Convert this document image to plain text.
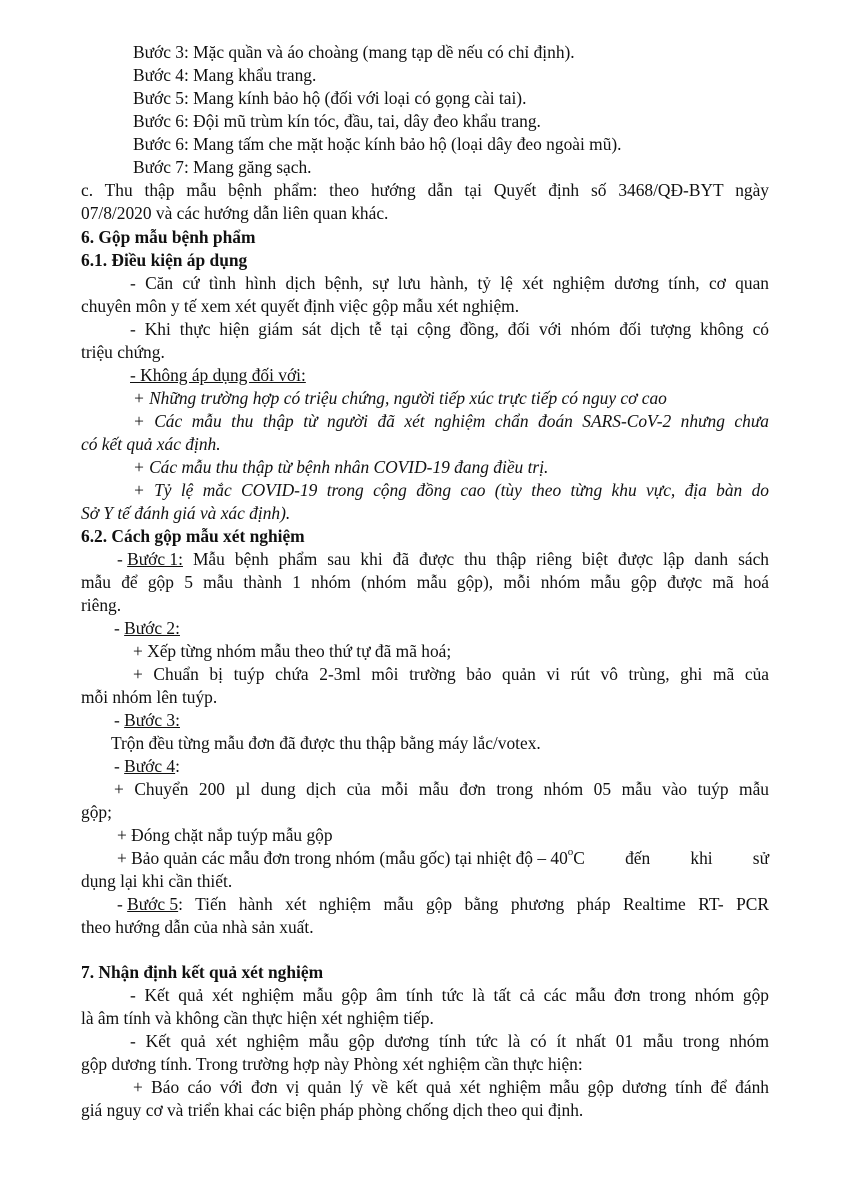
Bước 3: Mặc quần và áo choàng (mang tạp dề nếu có chỉ định).
Bước 4: Mang khẩu trang.
Bước 5: Mang kính bảo hộ (đối với loại có gọng cài tai).
Bước 6: Đội mũ trùm kín tóc, đầu, tai, dây đeo khẩu trang.
Bước 6: Mang tấm che mặt hoặc kính bảo hộ (loại dây đeo ngoài mũ).
Bước 7: Mang găng sạch.
c. Thu thập mẫu bệnh phẩm: theo hướng dẫn tại Quyết định số 3468/QĐ-BYT ngày
07/8/2020 và các hướng dẫn liên quan khác.
6. Gộp mẫu bệnh phẩm
6.1. Điều kiện áp dụng
- Căn cứ tình hình dịch bệnh, sự lưu hành, tỷ lệ xét nghiệm dương tính, cơ quan
chuyên môn y tế xem xét quyết định việc gộp mẫu xét nghiệm.
- Khi thực hiện giám sát dịch tễ tại cộng đồng, đối với nhóm đối tượng không có
triệu chứng.
- Không áp dụng đối với:
+ Những trường hợp có triệu chứng, người tiếp xúc trực tiếp có nguy cơ cao
+ Các mẫu thu thập từ người đã xét nghiệm chẩn đoán SARS-CoV-2 nhưng chưa
có kết quả xác định.
+ Các mẫu thu thập từ bệnh nhân COVID-19 đang điều trị.
+ Tỷ lệ mắc COVID-19 trong cộng đồng cao (tùy theo từng khu vực, địa bàn do
Sở Y tế đánh giá và xác định).
6.2. Cách gộp mẫu xét nghiệm
- Bước 1: Mẫu bệnh phẩm sau khi đã được thu thập riêng biệt được lập danh sách
mẫu để gộp 5 mẫu thành 1 nhóm (nhóm mẫu gộp), mỗi nhóm mẫu gộp được mã hoá
riêng.
- Bước 2:
+ Xếp từng nhóm mẫu theo thứ tự đã mã hoá;
+ Chuẩn bị tuýp chứa 2-3ml môi trường bảo quản vi rút vô trùng, ghi mã của
mỗi nhóm lên tuýp.
- Bước 3:
Trộn đều từng mẫu đơn đã được thu thập bằng máy lắc/votex.
- Bước 4:
+ Chuyển 200 µl dung dịch của mỗi mẫu đơn trong nhóm 05 mẫu vào tuýp mẫu
gộp;
+ Đóng chặt nắp tuýp mẫu gộp
+ Bảo quản các mẫu đơn trong nhóm (mẫu gốc) tại nhiệt độ – 40 o C đến khi sử
dụng lại khi cần thiết.
- Bước 5 : Tiến hành xét nghiệm mẫu gộp bằng phương pháp Realtime RT- PCR
theo hướng dẫn của nhà sản xuất.
7. Nhận định kết quả xét nghiệm
- Kết quả xét nghiệm mẫu gộp âm tính tức là tất cả các mẫu đơn trong nhóm gộp
là âm tính và không cần thực hiện xét nghiệm tiếp.
- Kết quả xét nghiệm mẫu gộp dương tính tức là có ít nhất 01 mẫu trong nhóm
gộp dương tính. Trong trường hợp này Phòng xét nghiệm cần thực hiện:
+ Báo cáo với đơn vị quản lý về kết quả xét nghiệm mẫu gộp dương tính để đánh
giá nguy cơ và triển khai các biện pháp phòng chống dịch theo qui định.
